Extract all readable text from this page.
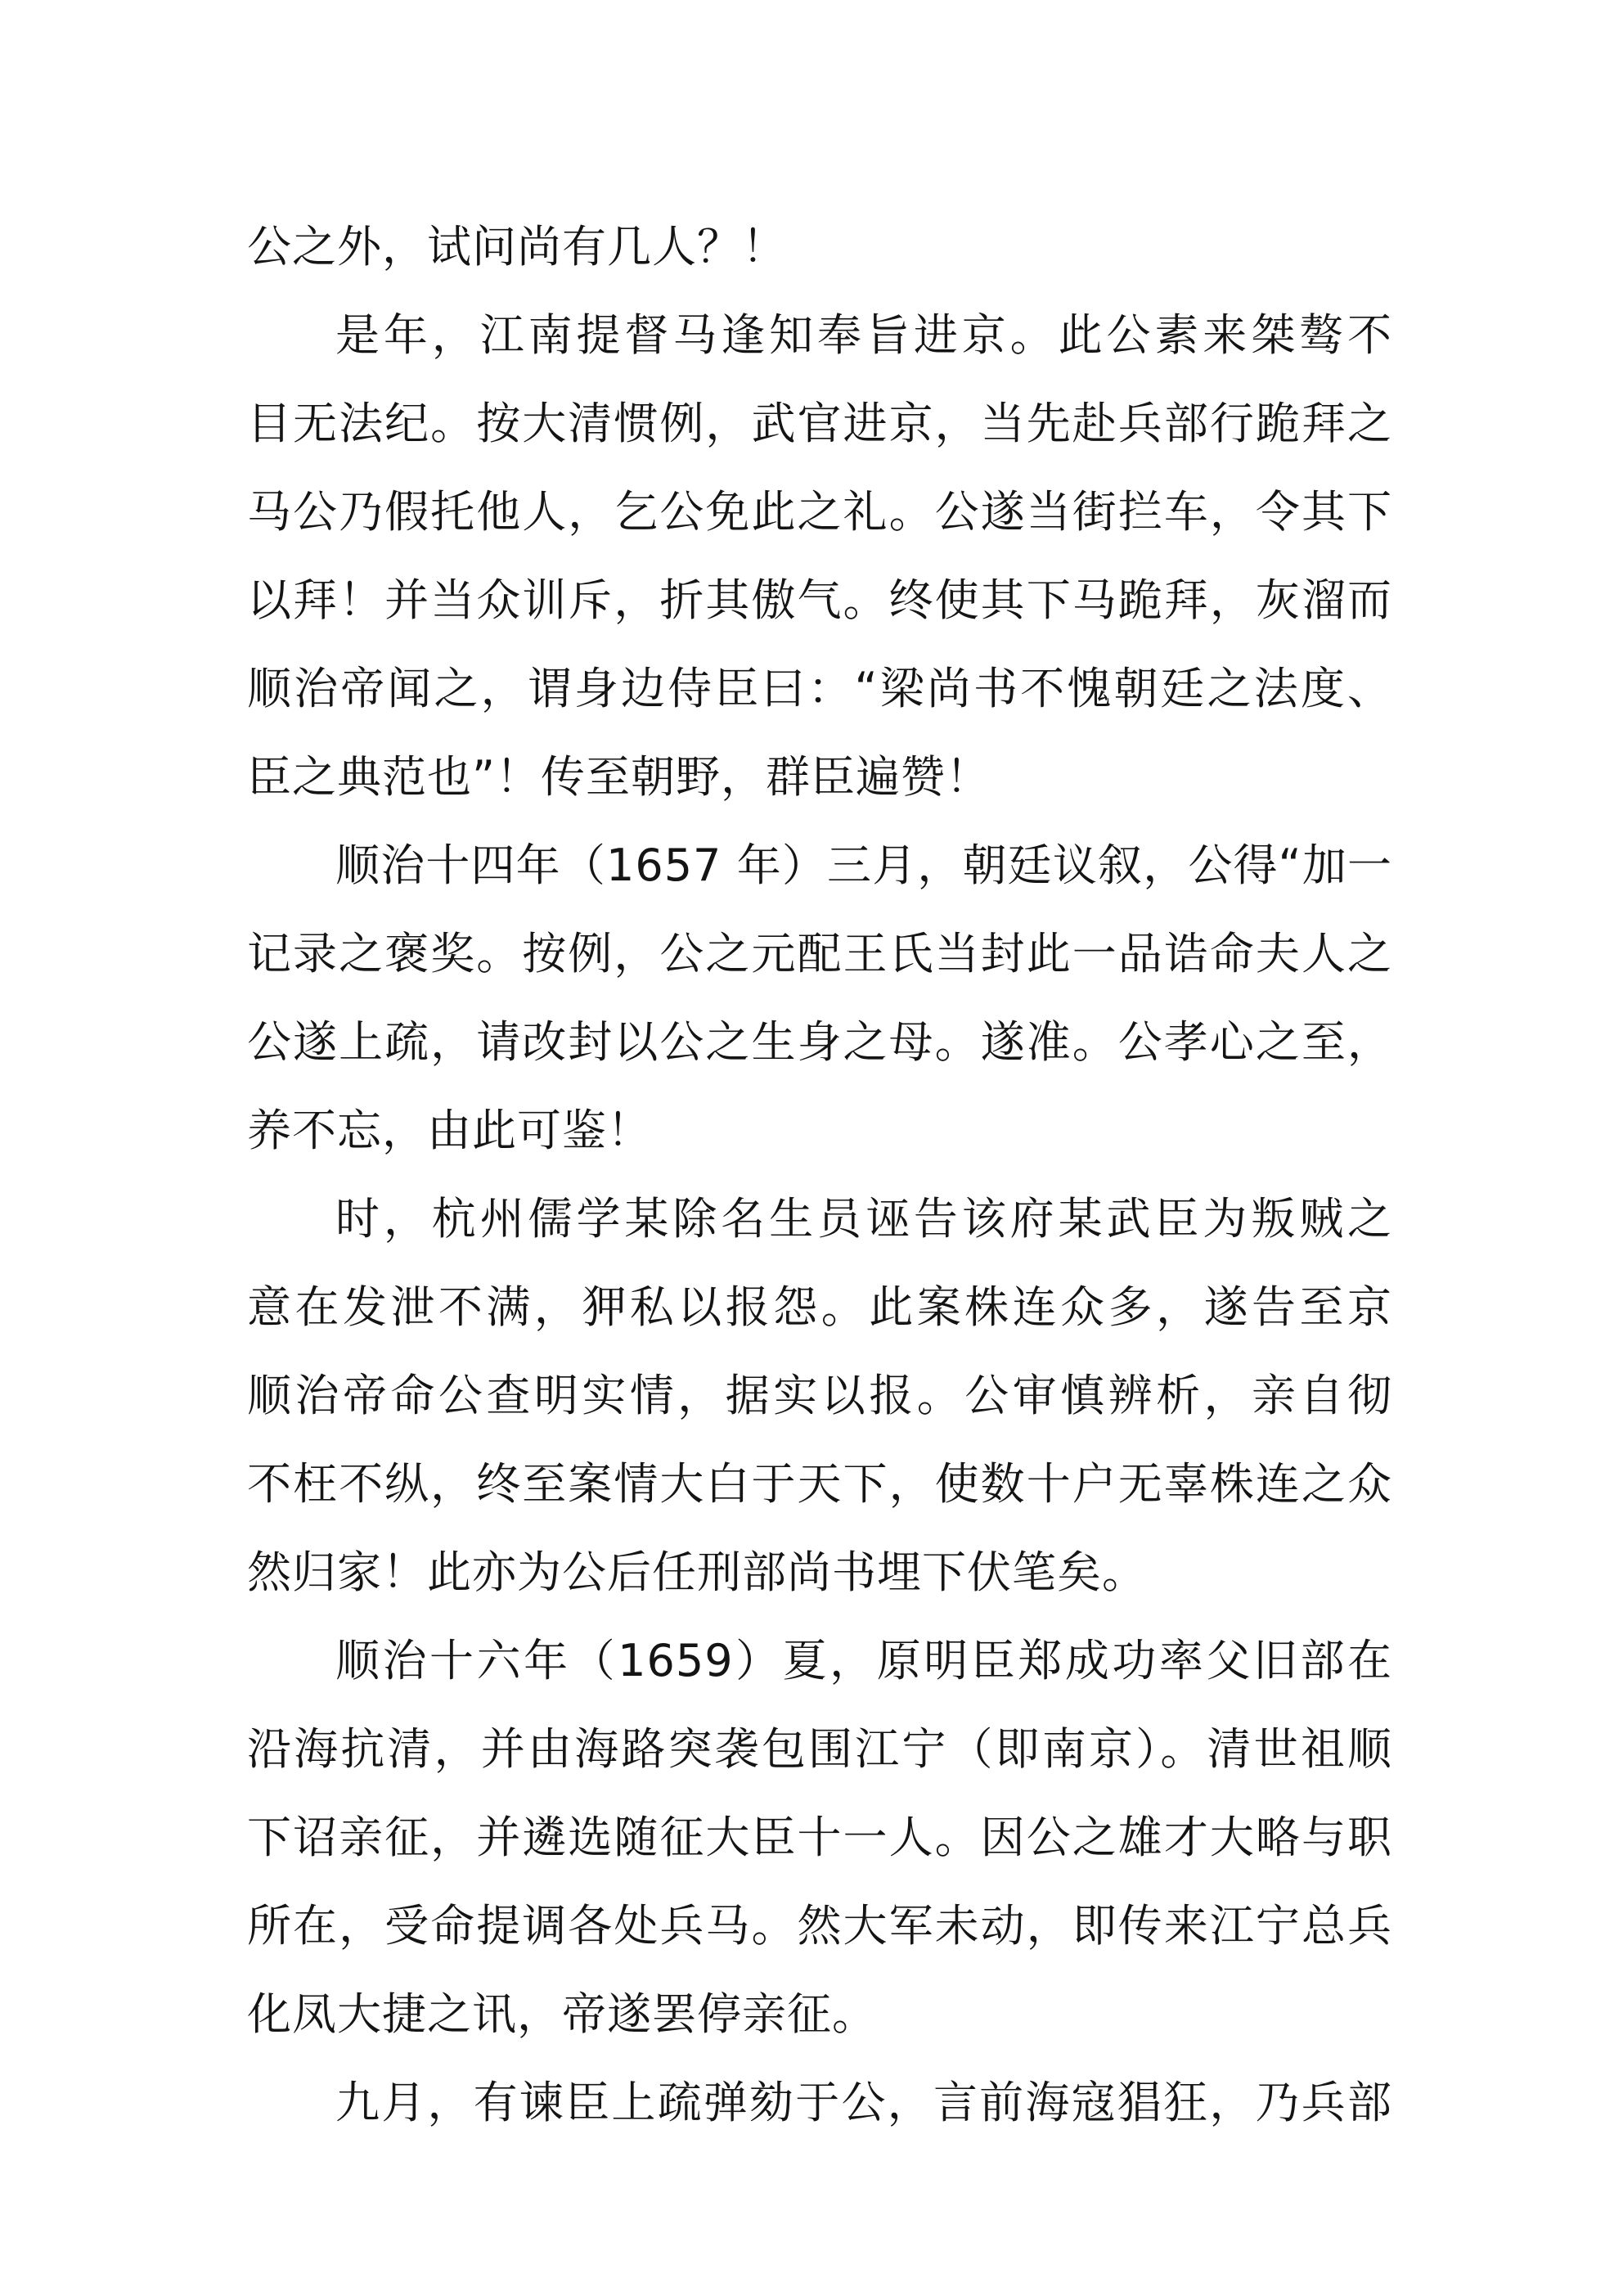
公之外，试问尚有几人？！
是年，江南提督马逢知奉旨进京。此公素来桀骜不
目无法纪。按大清惯例，武官进京，当先赴兵部行跪拜之
马公乃假托他人，乞公免此之礼。公遂当街拦车，令其下
以拜！并当众训斥，折其傲气。终使其下马跪拜，灰溜而
顺治帝闻之，谓身边侍臣曰：“梁尚书不愧朝廷之法度、
臣之典范也”！传至朝野，群臣遍赞！
顺治十四年（1657 年）三月，朝廷议叙，公得“加一
记录之褒奖。按例，公之元配王氏当封此一品诰命夫人之
公遂上疏，请改封以公之生身之母。遂准。公孝心之至，
养不忘，由此可鉴！
时，杭州儒学某除名生员诬告该府某武臣为叛贼之
意在发泄不满，狎私以报怨。此案株连众多，遂告至京
顺治帝命公查明实情，据实以报。公审慎辨析，亲自彻
不枉不纵，终至案情大白于天下，使数十户无辜株连之众
然归家！此亦为公后任刑部尚书埋下伏笔矣。
顺治十六年（1659）夏，原明臣郑成功率父旧部在
沿海抗清，并由海路突袭包围江宁（即南京）。清世祖顺
下诏亲征，并遴选随征大臣十一人。因公之雄才大略与职
所在，受命提调各处兵马。然大军未动，即传来江宁总兵
化凤大捷之讯，帝遂罢停亲征。
九月，有谏臣上疏弹劾于公，言前海寇猖狂，乃兵部
